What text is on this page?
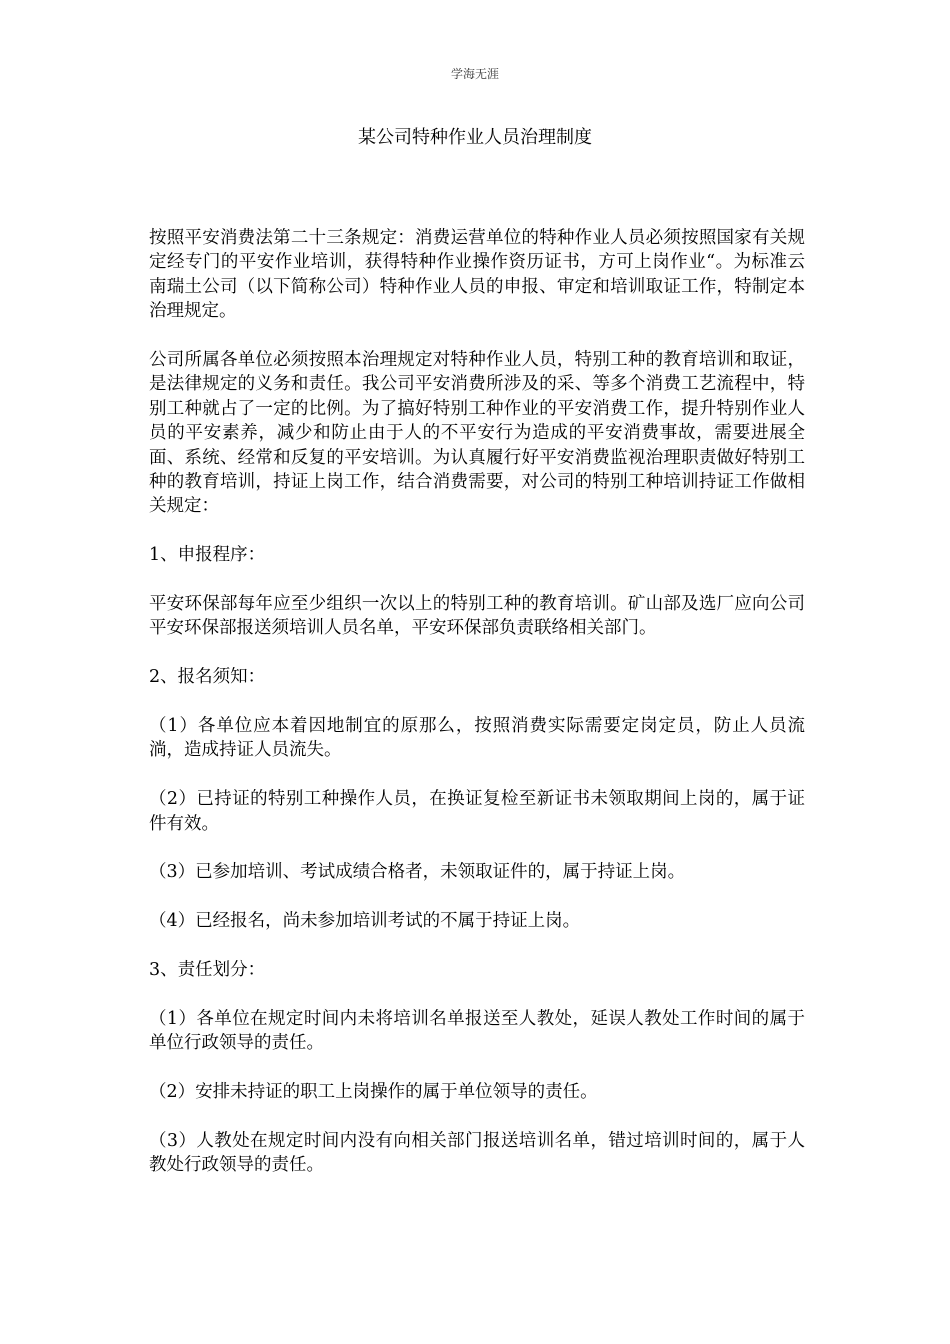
学海无涯
某公司特种作业人员治理制度

按照平安消费法第二十三条规定：消费运营单位的特种作业人员必须按照国家有关规定经专门的平安作业培训，获得特种作业操作资历证书，方可上岗作业“。为标准云南瑞土公司（以下简称公司）特种作业人员的申报、审定和培训取证工作，特制定本治理规定。

公司所属各单位必须按照本治理规定对特种作业人员，特别工种的教育培训和取证，是法律规定的义务和责任。我公司平安消费所涉及的采、等多个消费工艺流程中，特别工种就占了一定的比例。为了搞好特别工种作业的平安消费工作，提升特别作业人员的平安素养，减少和防止由于人的不平安行为造成的平安消费事故，需要进展全面、系统、经常和反复的平安培训。为认真履行好平安消费监视治理职责做好特别工种的教育培训，持证上岗工作，结合消费需要，对公司的特别工种培训持证工作做相关规定：

1、申报程序：

平安环保部每年应至少组织一次以上的特别工种的教育培训。矿山部及选厂应向公司平安环保部报送须培训人员名单，平安环保部负责联络相关部门。

2、报名须知：

（1）各单位应本着因地制宜的原那么，按照消费实际需要定岗定员，防止人员流淌，造成持证人员流失。

（2）已持证的特别工种操作人员，在换证复检至新证书未领取期间上岗的，属于证件有效。

（3）已参加培训、考试成绩合格者，未领取证件的，属于持证上岗。

（4）已经报名，尚未参加培训考试的不属于持证上岗。

3、责任划分：

（1）各单位在规定时间内未将培训名单报送至人教处，延误人教处工作时间的属于单位行政领导的责任。

（2）安排未持证的职工上岗操作的属于单位领导的责任。

（3）人教处在规定时间内没有向相关部门报送培训名单，错过培训时间的，属于人教处行政领导的责任。
